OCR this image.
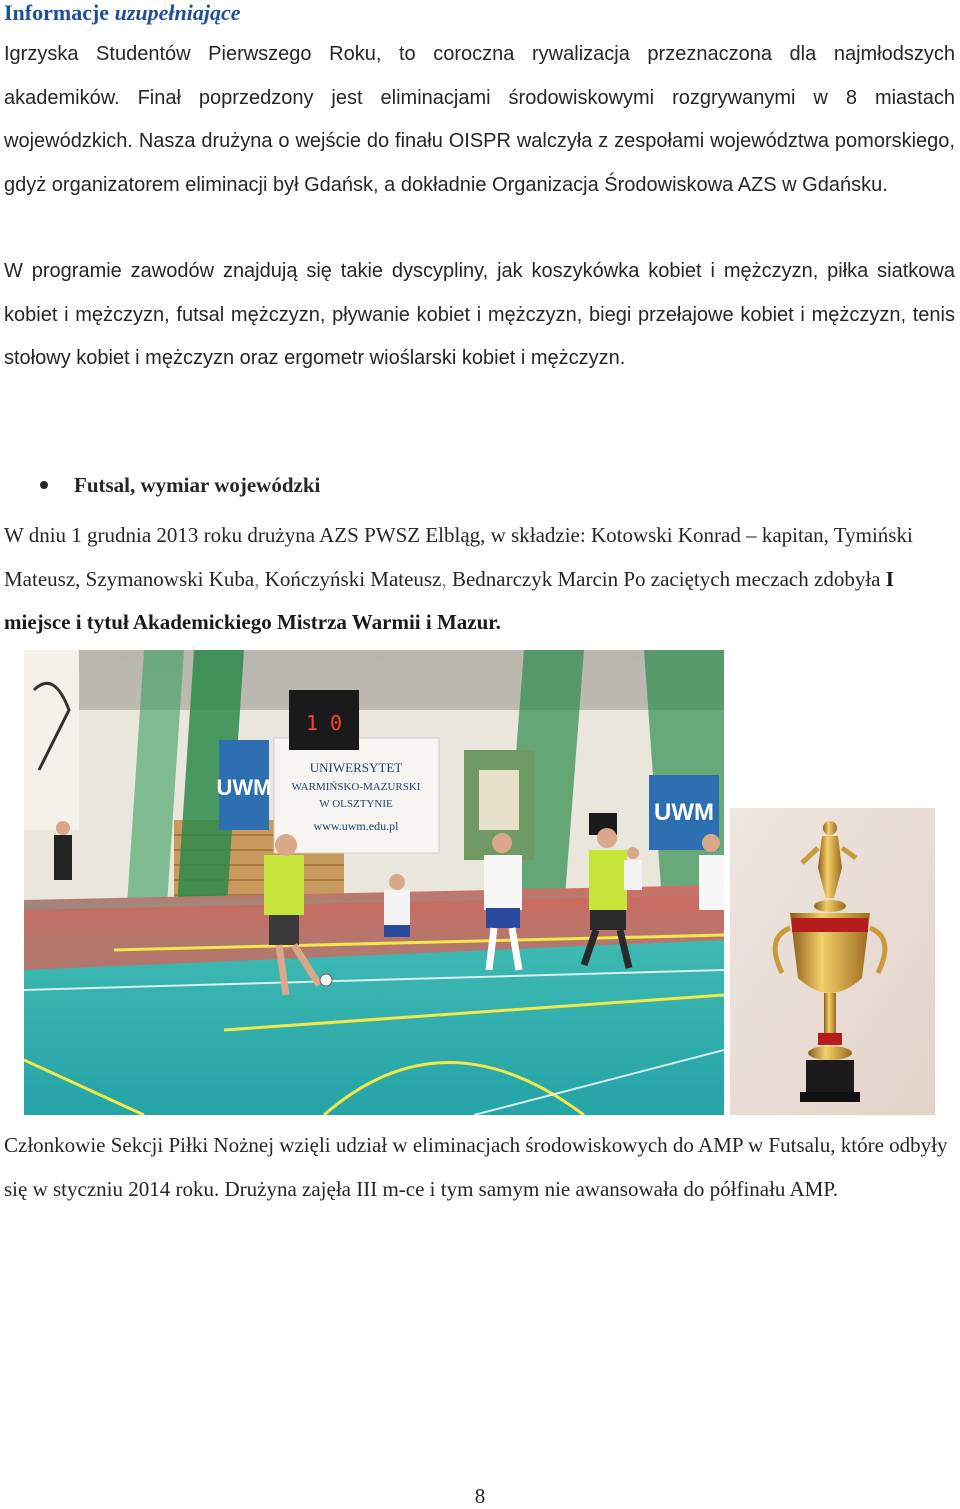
Informacje uzupełniające
Igrzyska Studentów Pierwszego Roku, to coroczna rywalizacja przeznaczona dla najmłodszych akademików. Finał poprzedzony jest eliminacjami środowiskowymi rozgrywanymi w 8 miastach wojewódzkich. Nasza drużyna o wejście do finału OISPR walczyła z zespołami województwa pomorskiego, gdyż organizatorem eliminacji był Gdańsk, a dokładnie Organizacja Środowiskowa AZS w Gdańsku.
W programie zawodów znajdują się takie dyscypliny, jak koszykówka kobiet i mężczyzn, piłka siatkowa kobiet i mężczyzn, futsal mężczyzn, pływanie kobiet i mężczyzn, biegi przełajowe kobiet i mężczyzn, tenis stołowy kobiet i mężczyzn oraz ergometr wioślarski kobiet i mężczyzn.
Futsal, wymiar wojewódzki
W dniu 1 grudnia 2013 roku drużyna AZS PWSZ Elbląg, w składzie: Kotowski Konrad – kapitan, Tymiński Mateusz, Szymanowski Kuba, Kończyński Mateusz, Bednarczyk Marcin Po zaciętych meczach zdobyła I miejsce i tytuł Akademickiego Mistrza Warmii i Mazur.
UWM
UNIWERSYTET
WARMIŃSKO-MAZURSKI
W OLSZTYNIE
www.uwm.edu.pl
1 0
UWM
Członkowie Sekcji Piłki Nożnej wzięli udział w eliminacjach środowiskowych do AMP w Futsalu, które odbyły się w styczniu 2014 roku. Drużyna zajęła III m-ce i tym samym nie awansowała do półfinału AMP.
8
